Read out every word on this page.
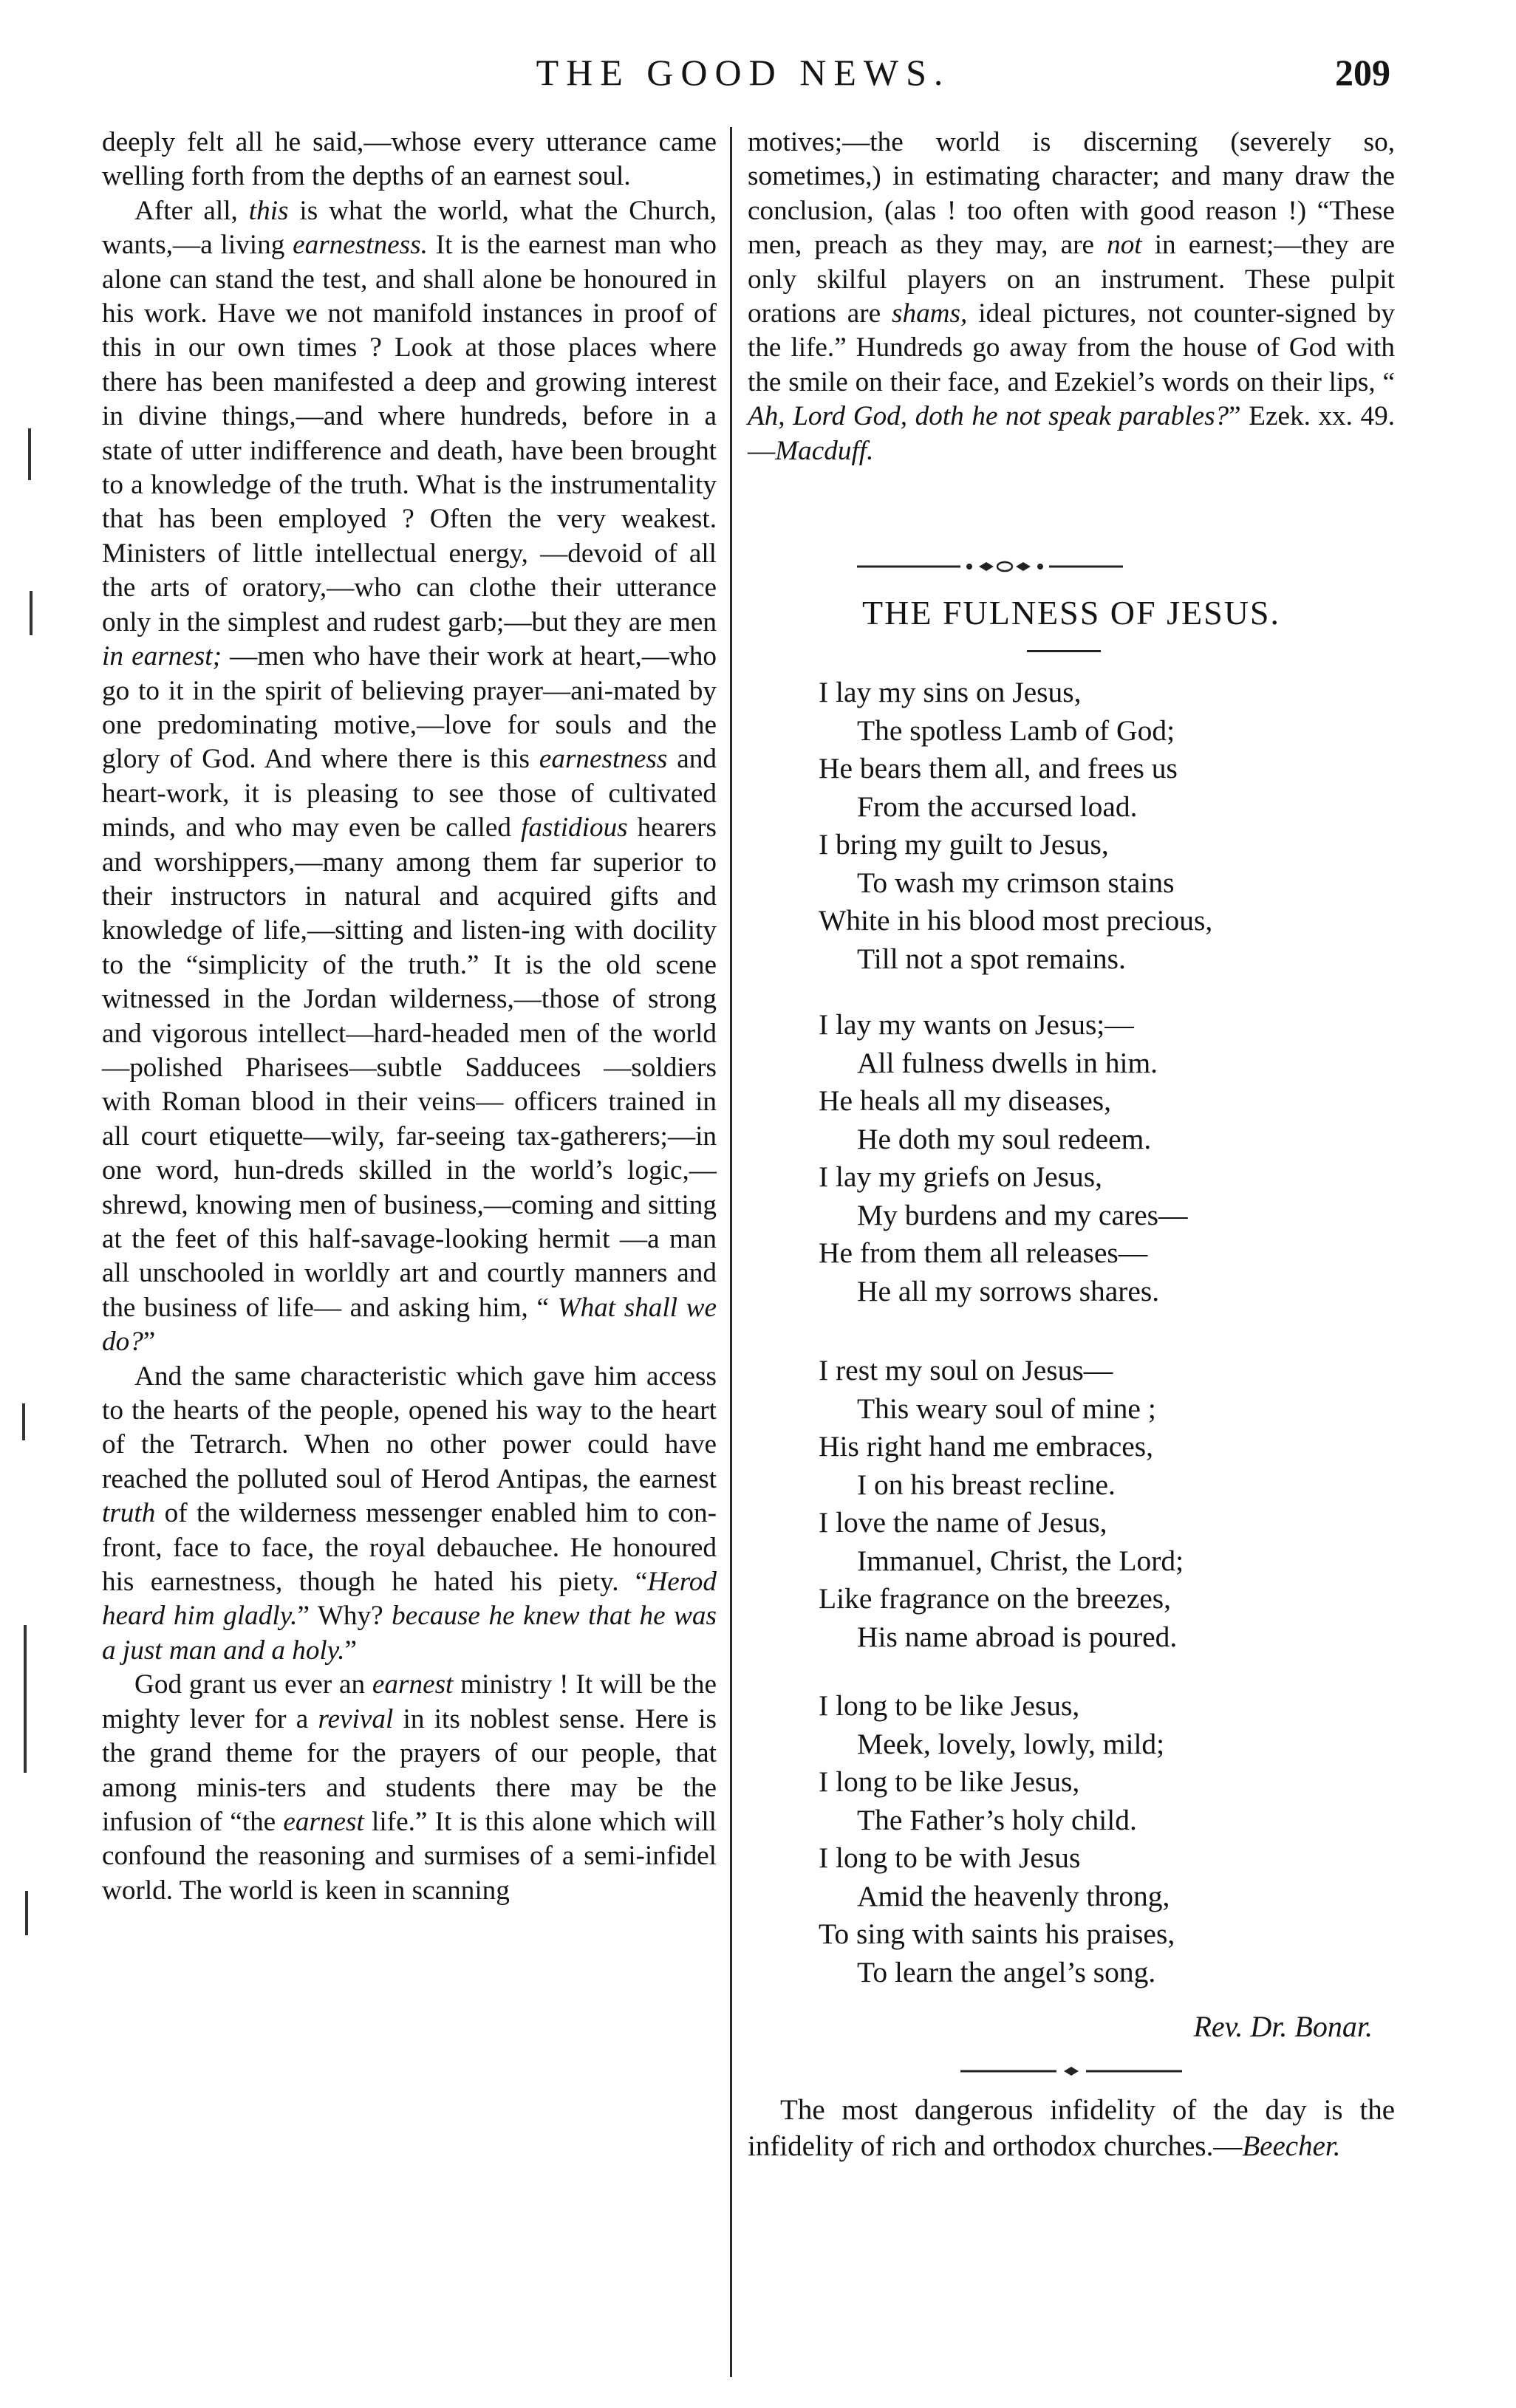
THE GOOD NEWS.	209

deeply felt all he said,—whose every utterance came welling forth from the depths of an earnest soul.

After all, this is what the world, what the Church, wants,—a living earnestness. It is the earnest man who alone can stand the test, and shall alone be honoured in his work. Have we not manifold instances in proof of this in our own times ? Look at those places where there has been manifested a deep and growing interest in divine things,—and where hundreds, before in a state of utter indifference and death, have been brought to a knowledge of the truth. What is the instrumentality that has been employed ? Often the very weakest. Ministers of little intellectual energy, —devoid of all the arts of oratory,—who can clothe their utterance only in the simplest and rudest garb;—but they are men in earnest; —men who have their work at heart,—who go to it in the spirit of believing prayer—ani-mated by one predominating motive,—love for souls and the glory of God. And where there is this earnestness and heart-work, it is pleasing to see those of cultivated minds, and who may even be called fastidious hearers and worshippers,—many among them far superior to their instructors in natural and acquired gifts and knowledge of life,—sitting and listen-ing with docility to the “simplicity of the truth.” It is the old scene witnessed in the Jordan wilderness,—those of strong and vigorous intellect—hard-headed men of the world—polished Pharisees—subtle Sadducees —soldiers with Roman blood in their veins— officers trained in all court etiquette—wily, far-seeing tax-gatherers;—in one word, hun-dreds skilled in the world’s logic,—shrewd, knowing men of business,—coming and sitting at the feet of this half-savage-looking hermit —a man all unschooled in worldly art and courtly manners and the business of life— and asking him, “ What shall we do?”

And the same characteristic which gave him access to the hearts of the people, opened his way to the heart of the Tetrarch. When no other power could have reached the polluted soul of Herod Antipas, the earnest truth of the wilderness messenger enabled him to con-front, face to face, the royal debauchee. He honoured his earnestness, though he hated his piety. “Herod heard him gladly.” Why? because he knew that he was a just man and a holy.”

God grant us ever an earnest ministry ! It will be the mighty lever for a revival in its noblest sense. Here is the grand theme for the prayers of our people, that among minis-ters and students there may be the infusion of “the earnest life.” It is this alone which will confound the reasoning and surmises of a semi-infidel world. The world is keen in scanning

motives;—the world is discerning (severely so, sometimes,) in estimating character; and many draw the conclusion, (alas ! too often with good reason !) “These men, preach as they may, are not in earnest;—they are only skilful players on an instrument. These pulpit orations are shams, ideal pictures, not counter-signed by the life.” Hundreds go away from the house of God with the smile on their face, and Ezekiel’s words on their lips, “ Ah, Lord God, doth he not speak parables?” Ezek. xx. 49.—Macduff.

THE FULNESS OF JESUS.
I lay my sins on Jesus,
The spotless Lamb of God;
He bears them all, and frees us
From the accursed load.
I bring my guilt to Jesus,
To wash my crimson stains
White in his blood most precious,
Till not a spot remains.
I lay my wants on Jesus;—
All fulness dwells in him.
He heals all my diseases,
He doth my soul redeem.
I lay my griefs on Jesus,
My burdens and my cares—
He from them all releases—
He all my sorrows shares.
I rest my soul on Jesus—
This weary soul of mine ;
His right hand me embraces,
I on his breast recline.
I love the name of Jesus,
Immanuel, Christ, the Lord;
Like fragrance on the breezes,
His name abroad is poured.
I long to be like Jesus,
Meek, lovely, lowly, mild;
I long to be like Jesus,
The Father’s holy child.
I long to be with Jesus
Amid the heavenly throng,
To sing with saints his praises,
To learn the angel’s song.
Rev. Dr. Bonar.
The most dangerous infidelity of the day is the infidelity of rich and orthodox churches.—Beecher.
